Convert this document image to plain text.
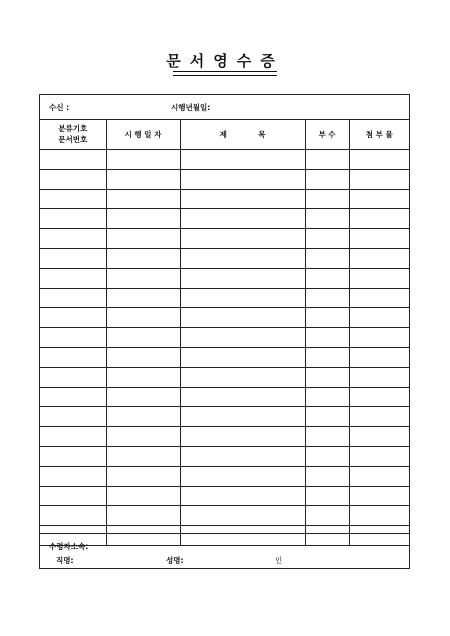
문서영수증
수신 :	시행년월일:
분류기호
문서번호	시 행 일 자	제            목	부 수	첨 부 물

수령자소속:
직명:	성명:	인
